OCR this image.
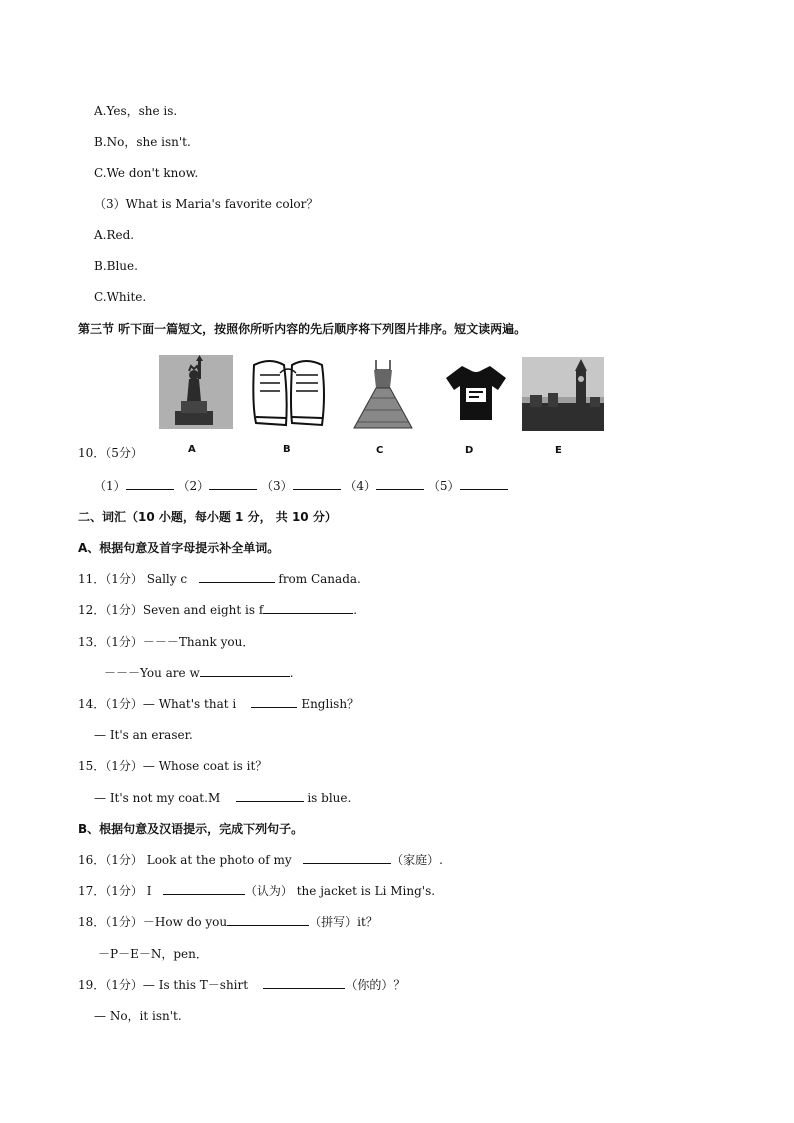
A.Yes，she is.
B.No，she isn't.
C.We don't know.
（3）What is Maria's favorite color？
A.Red.
B.Blue.
C.White.
第三节 听下面一篇短文，按照你所听内容的先后顺序将下列图片排序。短文读两遍。
A	B	C	D	E
10．（5分）
（1）	（2）	（3）	（4）	（5）
二、词汇（10 小题，每小题 1 分， 共 10 分）
A、根据句意及首字母提示补全单词。
11．（1分） Sally c	from Canada.
12．（1分）Seven and eight is f	.
13．（1分）－－－Thank you．
－－－You are w	.
14．（1分）— What's that i	English？
— It's an eraser.
15．（1分）— Whose coat is it？
— It's not my coat.M	is blue.
B、根据句意及汉语提示，完成下列句子。
16．（1分） Look at the photo of my	（家庭）.
17．（1分） I	（认为） the jacket is Li Ming's.
18．（1分）－How do you	（拼写）it？
－P－E－N，pen．
19．（1分）— Is this T－shirt	（你的）？
— No，it isn't.
